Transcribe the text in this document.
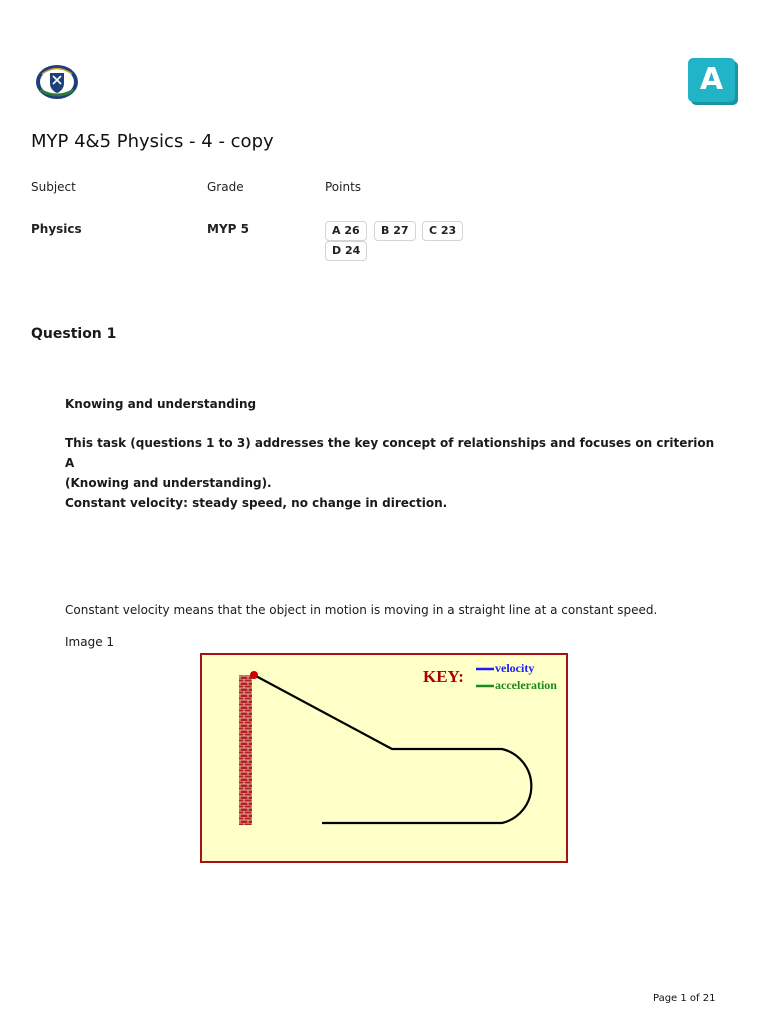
A
MYP 4&5 Physics - 4 - copy
Subject	Grade	Points
Physics	MYP 5	A 26	B 27	C 23
D 24
Question 1
Knowing and understanding
This task (questions 1 to 3) addresses the key concept of relationships and focuses on criterion A
(Knowing and understanding).
Constant velocity: steady speed, no change in direction.
Constant velocity means that the object in motion is moving in a straight line at a constant speed.
Image 1
KEY:	velocity
acceleration
Page 1 of 21
